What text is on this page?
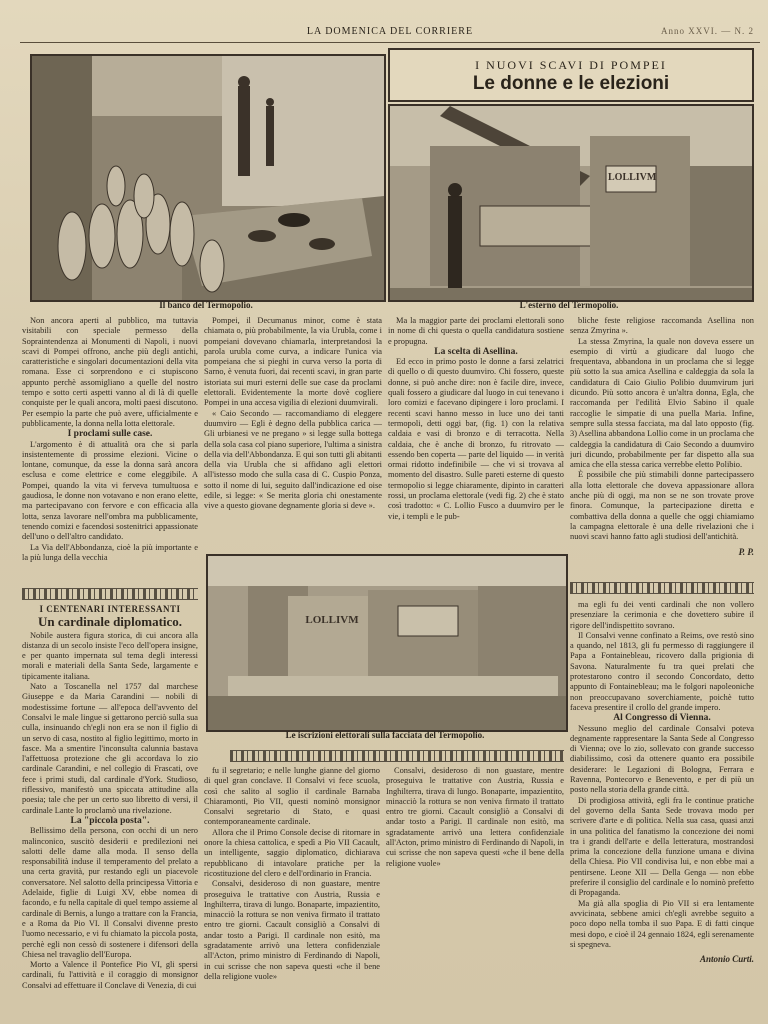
LA DOMENICA DEL CORRIERE	Anno XXVI. — N. 2
Il banco del Termopolio.
I NUOVI SCAVI DI POMPEI
Le donne e le elezioni
LOLLIVM
L'esterno del Termopolio.

Non ancora aperti al pubblico, ma tuttavia visitabili con speciale permesso della Sopraintendenza ai Monumenti di Napoli, i nuovi scavi di Pompei offrono, anche più degli antichi, caratteristiche e singolari documentazioni della vita romana. Esse ci sorprendono e ci stupiscono appunto perchè assomigliano a quelle del nostro tempo e sotto certi aspetti vanno al di là di quelle conquiste per le quali ancora, molti paesi discutono. Per esempio la parte che può avere, ufficialmente e pubblicamente, la donna nella lotta elettorale.

I proclami sulle case.

L'argomento è di attualità ora che si parla insistentemente di prossime elezioni. Vicine o lontane, comunque, da esse la donna sarà ancora esclusa e come elettrice e come eleggibile. A Pompei, quando la vita vi ferveva tumultuosa e gaudiosa, le donne non votavano e non erano elette, ma partecipavano con fervore e con efficacia alla lotta, senza lavorare nell'ombra ma pubblicamente, tenendo comizi e facendosi sostenitrici appassionate dell'uno o dell'altro candidato.

La Via dell'Abbondanza, cioè la più importante e la più lunga della vecchia

Pompei, il Decumanus minor, come è stata chiamata o, più probabilmente, la via Urubla, come i pompeiani dovevano chiamarla, interpretandosi la parola urubla come curva, a indicare l'unica via pompeiana che si pieghi in curva verso la porta di Sarno, è venuta fuori, dai recenti scavi, in gran parte istoriata sui muri esterni delle sue case da proclami elettorali. Evidentemente la morte dovè cogliere Pompei in una accesa vigilia di elezioni duumvirali.

« Caio Secondo — raccomandiamo di eleggere duumviro — Egli è degno della pubblica carica — Gli urbianesi ve ne pregano » si legge sulla bottega della sola casa col piano superiore, l'ultima a sinistra della via dell'Abbondanza. E qui son tutti gli abitanti della via Urubla che si affidano agli elettori all'istesso modo che sulla casa di C. Cuspio Ponza, sotto il nome di lui, seguito dall'indicazione ed oise edile, si legge: « Se merita gloria chi onestamente vive a questo giovane degnamente gloria si deve ».

Ma la maggior parte dei proclami elettorali sono in nome di chi questa o quella candidatura sostiene e propugna.

La scelta di Asellina.

Ed ecco in primo posto le donne a farsi zelatrici di quello o di questo duumviro. Chi fossero, queste donne, si può anche dire: non è facile dire, invece, quali fossero a giudicare dal luogo in cui tenevano i loro comizi e facevano dipingere i loro proclami. I recenti scavi hanno messo in luce uno dei tanti termopoli, detti oggi bar, (fig. 1) con la relativa caldaia e vasi di bronzo e di terracotta. Nella caldaia, che è anche di bronzo, fu ritrovato — essendo ben coperta — parte del liquido — in verità ormai ridotto indefinibile — che vi si trovava al momento del disastro. Sulle pareti esterne di questo termopolio si legge chiaramente, dipinto in caratteri rossi, un proclama elettorale (vedi fig. 2) che è stato così tradotto: « C. Lollio Fusco a duumviro per le vie, i templi e le pub-

bliche feste religiose raccomanda Asellina non senza Zmyrina ».

La stessa Zmyrina, la quale non doveva essere un esempio di virtù a giudicare dal luogo che frequentava, abbandona in un proclama che si legge più sotto la sua amica Asellina e caldeggia da sola la candidatura di Caio Giulio Polibio duumvirum juri dicundo. Più sotto ancora è un'altra donna, Egla, che raccomanda per l'edilità Elvio Sabino il quale raccoglie le simpatie di una puella Maria. Infine, sempre sulla stessa facciata, ma dal lato opposto (fig. 3) Asellina abbandona Lollio come in un proclama che caldeggia la candidatura di Caio Secondo a duumviro juri dicundo, probabilmente per far dispetto alla sua amica che ella stessa carica verrebbe eletto Polibio.

È possibile che più stimabili donne partecipassero alla lotta elettorale che doveva appassionare allora anche più di oggi, ma non se ne son trovate prove finora. Comunque, la partecipazione diretta e combattiva della donna a quelle che oggi chiamiamo la campagna elettorale è una delle rivelazioni che i nuovi scavi hanno fatto agli studiosi dell'antichità.

P. P.
LOLLIVM
Le iscrizioni elettorali sulla facciata del Termopolio.
I CENTENARI INTERESSANTI
Un cardinale diplomatico.

Nobile austera figura storica, di cui ancora alla distanza di un secolo insiste l'eco dell'opera insigne, e per quanto impernata sul tema degli interessi morali e materiali della Santa Sede, largamente e tipicamente italiana.

Nato a Toscanella nel 1757 dal marchese Giuseppe e da Maria Carandini — nobili di modestissime fortune — all'epoca dell'avvento del Consalvi le male lingue si gettarono perciò sulla sua culla, insinuando ch'egli non era se non il figlio di un servo di casa, nostito al figlio legittimo, morto in fasce. Ma a smentire l'inconsulta calunnia bastava l'affettuosa protezione che gli accordava lo zio cardinale Carandini, e nel collegio di Frascati, ove fece i primi studi, dal cardinale d'York. Studioso, riflessivo, manifestò una spiccata attitudine alla poesia; tale che per un certo suo libretto di versi, il cardinale Lante lo proclamò una rivelazione.

La "piccola posta".

Bellissimo della persona, con occhi di un nero malinconico, suscitò desiderii e predilezioni nei salotti delle dame alla moda. Il senso della responsabilità induse il temperamento del prelato a una certa gravità, pur restando egli un piacevole conversatore. Nel salotto della principessa Vittoria e Adelaide, figlie di Luigi XV, ebbe nomea di facondo, e fu nella capitale di quel tempo assieme al cardinale di Bernis, a lungo a trattare con la Francia, e a Roma da Pio VI. Il Consalvi divenne presto l'uomo necessario, e vi fu chiamato la piccola posta, perchè egli non cessò di sostenere i difensori della Chiesa nel travaglio dell'Europa.

Morto a Valence il Pontefice Pio VI, gli spersi cardinali, fu l'attività e il coraggio di monsignor Consalvi ad effettuare il Conclave di Venezia, di cui

fu il segretario; e nelle lunghe gianne del giorno di quel gran conclave. Il Consalvi vi fece scuola, così che salito al soglio il cardinale Barnaba Chiaramonti, Pio VII, questi nominò monsignor Consalvi segretario di Stato, e quasi contemporaneamente cardinale.

Allora che il Primo Console decise di ritornare in onore la chiesa cattolica, e spedì a Pio VII Cacault, un intelligente, saggio diplomatico, dichiarava repubblicano di intavolare pratiche per la ricostituzione del clero e dell'ordinario in Francia.

Consalvi, desideroso di non guastare, mentre proseguiva le trattative con Austria, Russia e Inghilterra, tirava di lungo. Bonaparte, impazientito, minacciò la rottura se non veniva firmato il trattato entro tre giorni. Cacault consigliò a Consalvi di andar tosto a Parigi. Il cardinale non esitò, ma sgradatamente arrivò una lettera confidenziale all'Acton, primo ministro di Ferdinando di Napoli, in cui scrisse che non sapeva questi «che il bene della religione vuole»

Consalvi, desideroso di non guastare, mentre proseguiva le trattative con Austria, Russia e Inghilterra, tirava di lungo. Bonaparte, impazientito, minacciò la rottura se non veniva firmato il trattato entro tre giorni. Cacault consigliò a Consalvi di andar tosto a Parigi. Il cardinale non esitò, ma sgradatamente arrivò una lettera confidenziale all'Acton, primo ministro di Ferdinando di Napoli, in cui scrisse che non sapeva questi «che il bene della religione vuole»

ma egli fu dei venti cardinali che non vollero presenziare la cerimonia e che dovettero subire il rigore dell'indispettito sovrano.

Il Consalvi venne confinato a Reims, ove restò sino a quando, nel 1813, gli fu permesso di raggiungere il Papa a Fontainebleau, ricovero dalla prigionia di Savona. Naturalmente fu tra quei prelati che protestarono contro il secondo Concordato, detto appunto di Fontainebleau; ma le folgori napoleoniche non preoccupavano soverchiamente, poichè tutto faceva presentire il crollo del grande impero.

Al Congresso di Vienna.

Nessuno meglio del cardinale Consalvi poteva degnamente rappresentare la Santa Sede al Congresso di Vienna; ove lo zio, sollevato con grande successo diabilissimo, così da ottenere quanto era possibile desiderare: le Legazioni di Bologna, Ferrara e Ravenna, Pontecorvo e Benevento, e per di più un posto nella storia della grande città.

Di prodigiosa attività, egli fra le continue pratiche del governo della Santa Sede trovava modo per scrivere d'arte e di politica. Nella sua casa, quasi anzi in una politica del fanatismo la concezione dei nomi tra i grandi dell'arte e della letteratura, mostrandosi prima la concezione della funzione umana e divina della Chiesa. Pio VII condivisa lui, e non ebbe mai a pentirsene. Leone XII — Della Genga — non ebbe preferire il consiglio del cardinale e lo nominò prefetto di Propaganda.

Ma già alla spoglia di Pio VII si era lentamente avvicinata, sebbene amici ch'egli avrebbe seguito a poco dopo nella tomba il suo Papa. E di fatti cinque mesi dopo, e cioè il 24 gennaio 1824, egli serenamente si spegneva.

Antonio Curti.
